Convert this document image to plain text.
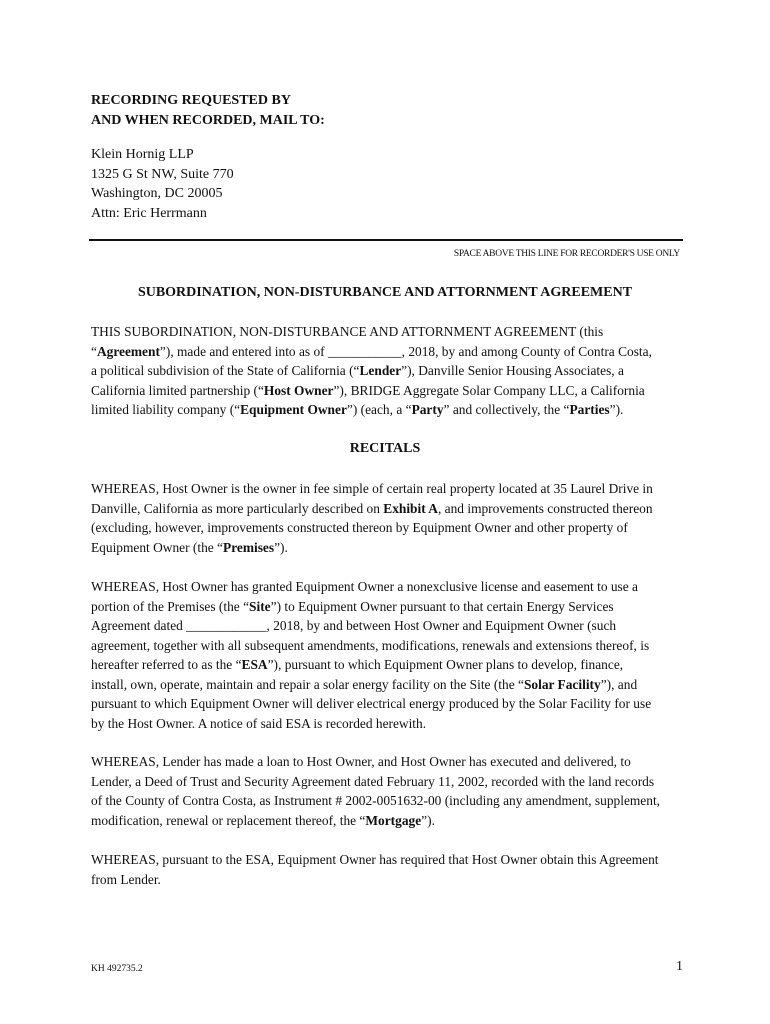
RECORDING REQUESTED BY
AND WHEN RECORDED, MAIL TO:
Klein Hornig LLP
1325 G St NW, Suite 770
Washington, DC 20005
Attn: Eric Herrmann
SPACE ABOVE THIS LINE FOR RECORDER'S USE ONLY
SUBORDINATION, NON-DISTURBANCE AND ATTORNMENT AGREEMENT
THIS SUBORDINATION, NON-DISTURBANCE AND ATTORNMENT AGREEMENT (this
“Agreement”), made and entered into as of ___________, 2018, by and among County of Contra Costa,
a political subdivision of the State of California (“Lender”), Danville Senior Housing Associates, a
California limited partnership (“Host Owner”), BRIDGE Aggregate Solar Company LLC, a California
limited liability company (“Equipment Owner”) (each, a “Party” and collectively, the “Parties”).
RECITALS
WHEREAS, Host Owner is the owner in fee simple of certain real property located at 35 Laurel Drive in
Danville, California as more particularly described on Exhibit A, and improvements constructed thereon
(excluding, however, improvements constructed thereon by Equipment Owner and other property of
Equipment Owner (the “Premises”).
WHEREAS, Host Owner has granted Equipment Owner a nonexclusive license and easement to use a
portion of the Premises (the “Site”) to Equipment Owner pursuant to that certain Energy Services
Agreement dated ____________, 2018, by and between Host Owner and Equipment Owner (such
agreement, together with all subsequent amendments, modifications, renewals and extensions thereof, is
hereafter referred to as the “ESA”), pursuant to which Equipment Owner plans to develop, finance,
install, own, operate, maintain and repair a solar energy facility on the Site (the “Solar Facility”), and
pursuant to which Equipment Owner will deliver electrical energy produced by the Solar Facility for use
by the Host Owner. A notice of said ESA is recorded herewith.
WHEREAS, Lender has made a loan to Host Owner, and Host Owner has executed and delivered, to
Lender, a Deed of Trust and Security Agreement dated February 11, 2002, recorded with the land records
of the County of Contra Costa, as Instrument # 2002-0051632-00 (including any amendment, supplement,
modification, renewal or replacement thereof, the “Mortgage”).
WHEREAS, pursuant to the ESA, Equipment Owner has required that Host Owner obtain this Agreement
from Lender.
KH 492735.2	1
